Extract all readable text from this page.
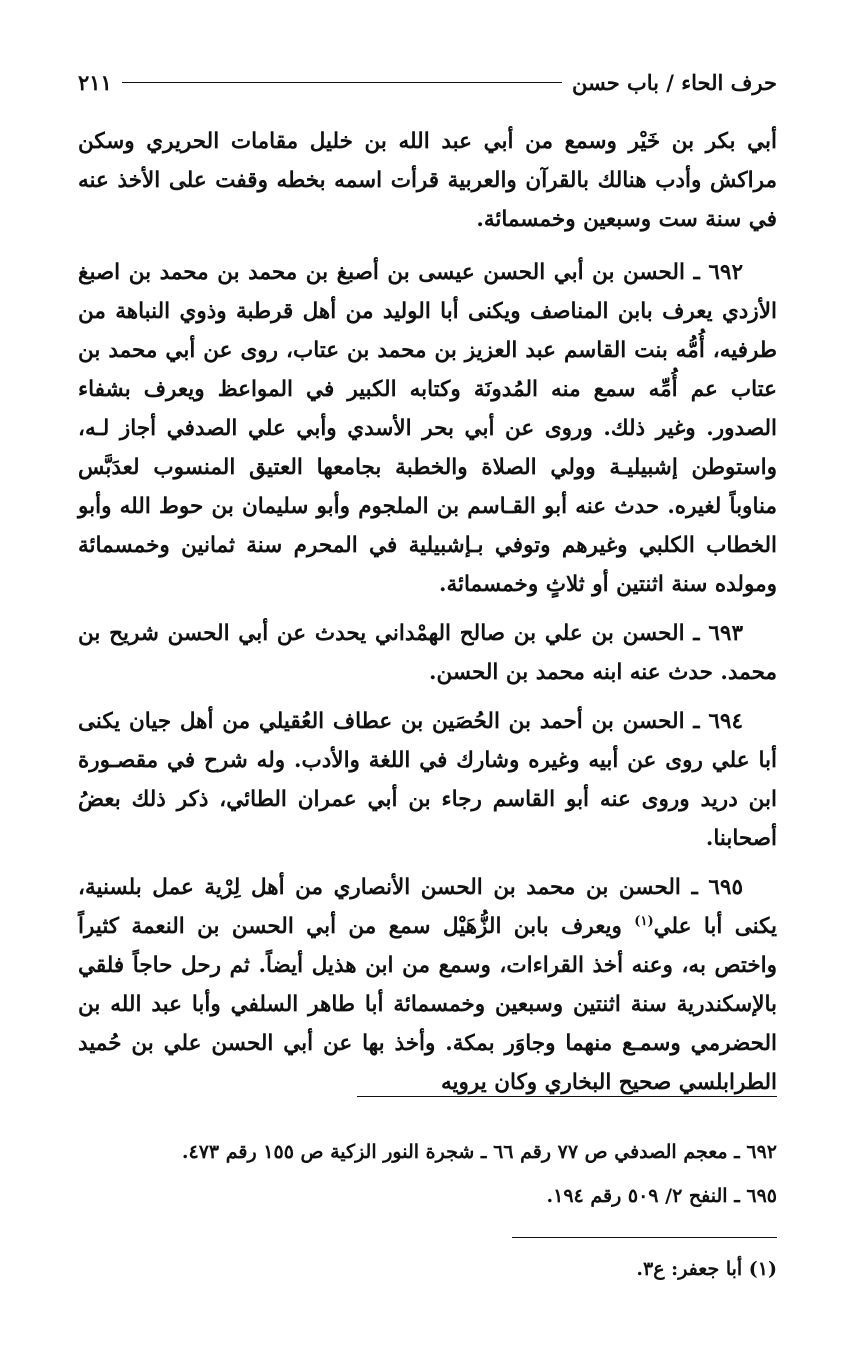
حرف الحاء / باب حسن
٢١١

أبي بكر بن خَيْر وسمع من أبي عبد الله بن خليل مقامات الحريري وسكن مراكش وأدب هنالك بالقرآن والعربية قرأت اسمه بخطه وقفت على الأخذ عنه في سنة ست وسبعين وخمسمائة.

٦٩٢ ـ الحسن بن أبي الحسن عيسى بن أصبغ بن محمد بن محمد بن اصبغ الأزدي يعرف بابن المناصف ويكنى أبا الوليد من أهل قرطبة وذوي النباهة من طرفيه، أُمُّه بنت القاسم عبد العزيز بن محمد بن عتاب، روى عن أبي محمد بن عتاب عم أُمِّه سمع منه المُدونَة وكتابه الكبير في المواعظ ويعرف بشفاء الصدور. وغير ذلك. وروى عن أبي بحر الأسدي وأبي علي الصدفي أجاز لـه، واستوطن إشبيليـة وولي الصلاة والخطبة بجامعها العتيق المنسوب لعدَبَّس مناوباً لغيره. حدث عنه أبو القـاسم بن الملجوم وأبو سليمان بن حوط الله وأبو الخطاب الكلبي وغيرهم وتوفي بـإشبيلية في المحرم سنة ثمانين وخمسمائة ومولده سنة اثنتين أو ثلاثٍ وخمسمائة.

٦٩٣ ـ الحسن بن علي بن صالح الهمْداني يحدث عن أبي الحسن شريح بن محمد. حدث عنه ابنه محمد بن الحسن.

٦٩٤ ـ الحسن بن أحمد بن الحُصَين بن عطاف العُقيلي من أهل جيان يكنى أبا علي روى عن أبيه وغيره وشارك في اللغة والأدب. وله شرح في مقصـورة ابن دريد وروى عنه أبو القاسم رجاء بن أبي عمران الطائي، ذكر ذلك بعضُ أصحابنا.

٦٩٥ ـ الحسن بن محمد بن الحسن الأنصاري من أهل لِرْية عمل بلسنية، يكنى أبا علي$^{(١)}$ ويعرف بابن الزُّهَيْل سمع من أبي الحسن بن النعمة كثيراً واختص به، وعنه أخذ القراءات، وسمع من ابن هذيل أيضاً. ثم رحل حاجاً فلقي بالإسكندرية سنة اثنتين وسبعين وخمسمائة أبا طاهر السلفي وأبا عبد الله بن الحضرمي وسمـع منهما وجاوَر بمكة. وأخذ بها عن أبي الحسن علي بن حُميد الطرابلسي صحيح البخاري وكان يرويه

٦٩٢ ـ معجم الصدفي ص ٧٧ رقم ٦٦ ـ شجرة النور الزكية ص ١٥٥ رقم ٤٧٣.

٦٩٥ ـ النفح ٢/ ٥٠٩ رقم ١٩٤.

(١) أبا جعفر: ع٣.
